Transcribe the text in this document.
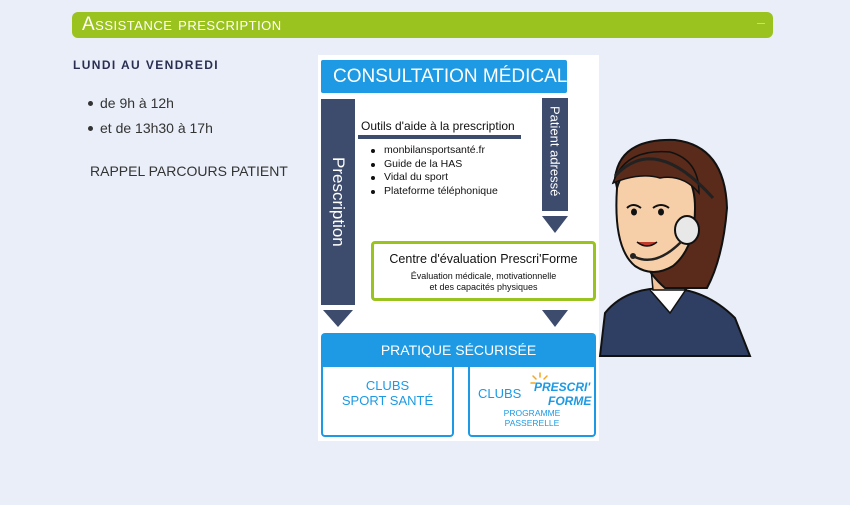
Assistance prescription
LUNDI AU VENDREDI
de 9h à 12h
et de 13h30 à 17h
RAPPEL PARCOURS PATIENT
CONSULTATION MÉDICALE
Prescription
Patient adressé
Outils d'aide à la prescription
monbilansportsanté.fr
Guide de la HAS
Vidal du sport
Plateforme téléphonique
Centre d'évaluation Prescri'Forme
Évaluation médicale, motivationnelle
et des capacités physiques
PRATIQUE SÉCURISÉE
CLUBS
SPORT SANTÉ	CLUBS PRESCRI'
FORME
PROGRAMME
PASSERELLE
